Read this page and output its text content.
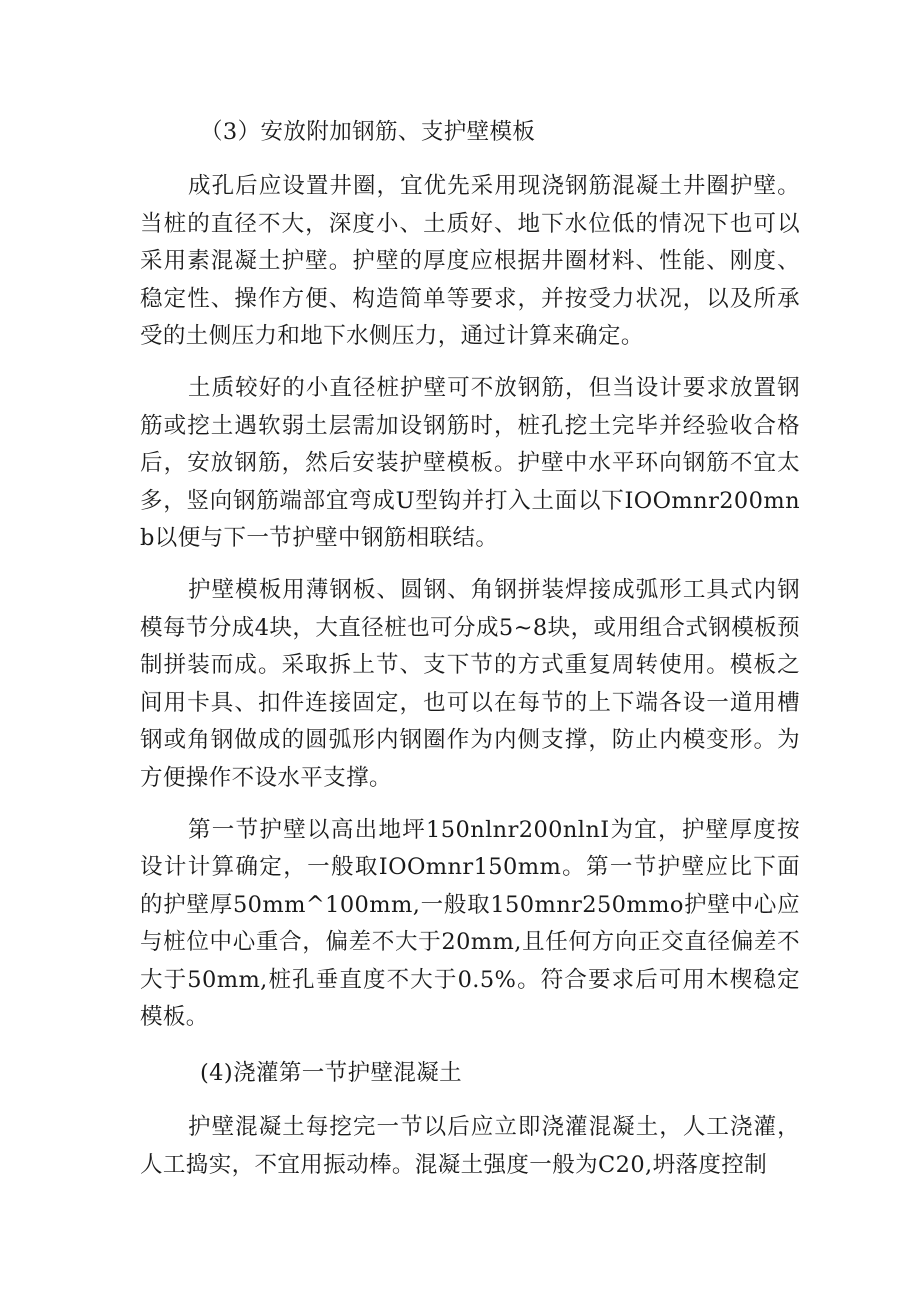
（3）安放附加钢筋、支护壁模板

成孔后应设置井圈，宜优先采用现浇钢筋混凝土井圈护壁。当桩的直径不大，深度小、土质好、地下水位低的情况下也可以采用素混凝土护壁。护壁的厚度应根据井圈材料、性能、刚度、稳定性、操作方便、构造简单等要求，并按受力状况，以及所承受的土侧压力和地下水侧压力，通过计算来确定。

土质较好的小直径桩护壁可不放钢筋，但当设计要求放置钢筋或挖土遇软弱土层需加设钢筋时，桩孔挖土完毕并经验收合格后，安放钢筋，然后安装护壁模板。护壁中水平环向钢筋不宜太多，竖向钢筋端部宜弯成U型钩并打入土面以下IOOmnr200mnb以便与下一节护壁中钢筋相联结。

护壁模板用薄钢板、圆钢、角钢拼装焊接成弧形工具式内钢模每节分成4块，大直径桩也可分成5~8块，或用组合式钢模板预制拼装而成。采取拆上节、支下节的方式重复周转使用。模板之间用卡具、扣件连接固定，也可以在每节的上下端各设一道用槽钢或角钢做成的圆弧形内钢圈作为内侧支撑，防止内模变形。为方便操作不设水平支撑。

第一节护壁以高出地坪150nlnr200nlnI为宜，护壁厚度按设计计算确定，一般取IOOmnr150mm。第一节护壁应比下面的护壁厚50mm^100mm,一般取150mnr250mmo护壁中心应与桩位中心重合，偏差不大于20mm,且任何方向正交直径偏差不大于50mm,桩孔垂直度不大于0.5%。符合要求后可用木楔稳定模板。

(4)浇灌第一节护壁混凝土

护壁混凝土每挖完一节以后应立即浇灌混凝土，人工浇灌，人工捣实，不宜用振动棒。混凝土强度一般为C20,坍落度控制
